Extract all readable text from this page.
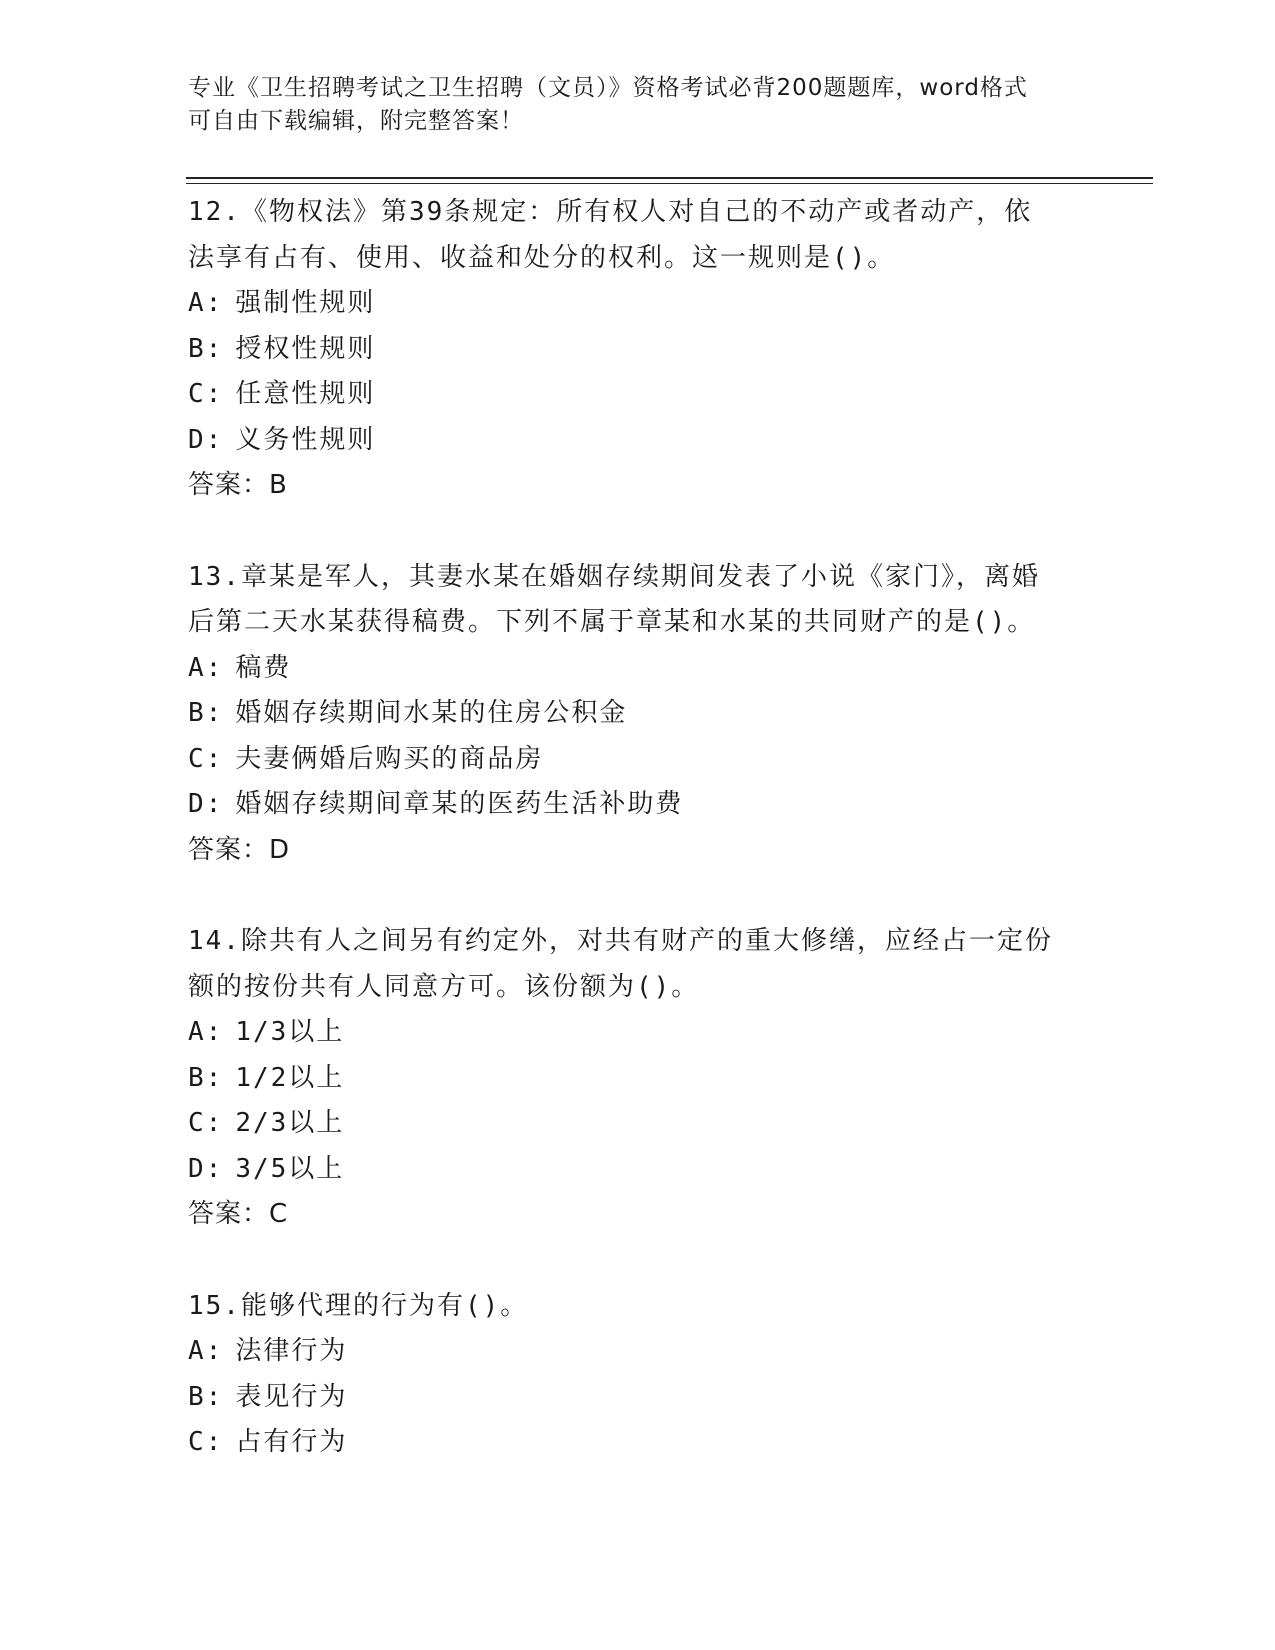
专业《卫生招聘考试之卫生招聘（文员）》资格考试必背200题题库，word格式

可自由下载编辑，附完整答案！

12.《物权法》第39条规定：所有权人对自己的不动产或者动产，依

法享有占有、使用、收益和处分的权利。这一规则是()。

A: 强制性规则

B: 授权性规则

C: 任意性规则

D: 义务性规则

答案：B

13.章某是军人，其妻水某在婚姻存续期间发表了小说《家门》，离婚

后第二天水某获得稿费。下列不属于章某和水某的共同财产的是()。

A: 稿费

B: 婚姻存续期间水某的住房公积金

C: 夫妻俩婚后购买的商品房

D: 婚姻存续期间章某的医药生活补助费

答案：D

14.除共有人之间另有约定外，对共有财产的重大修缮，应经占一定份

额的按份共有人同意方可。该份额为()。

A: 1/3以上

B: 1/2以上

C: 2/3以上

D: 3/5以上

答案：C

15.能够代理的行为有()。

A: 法律行为

B: 表见行为

C: 占有行为
